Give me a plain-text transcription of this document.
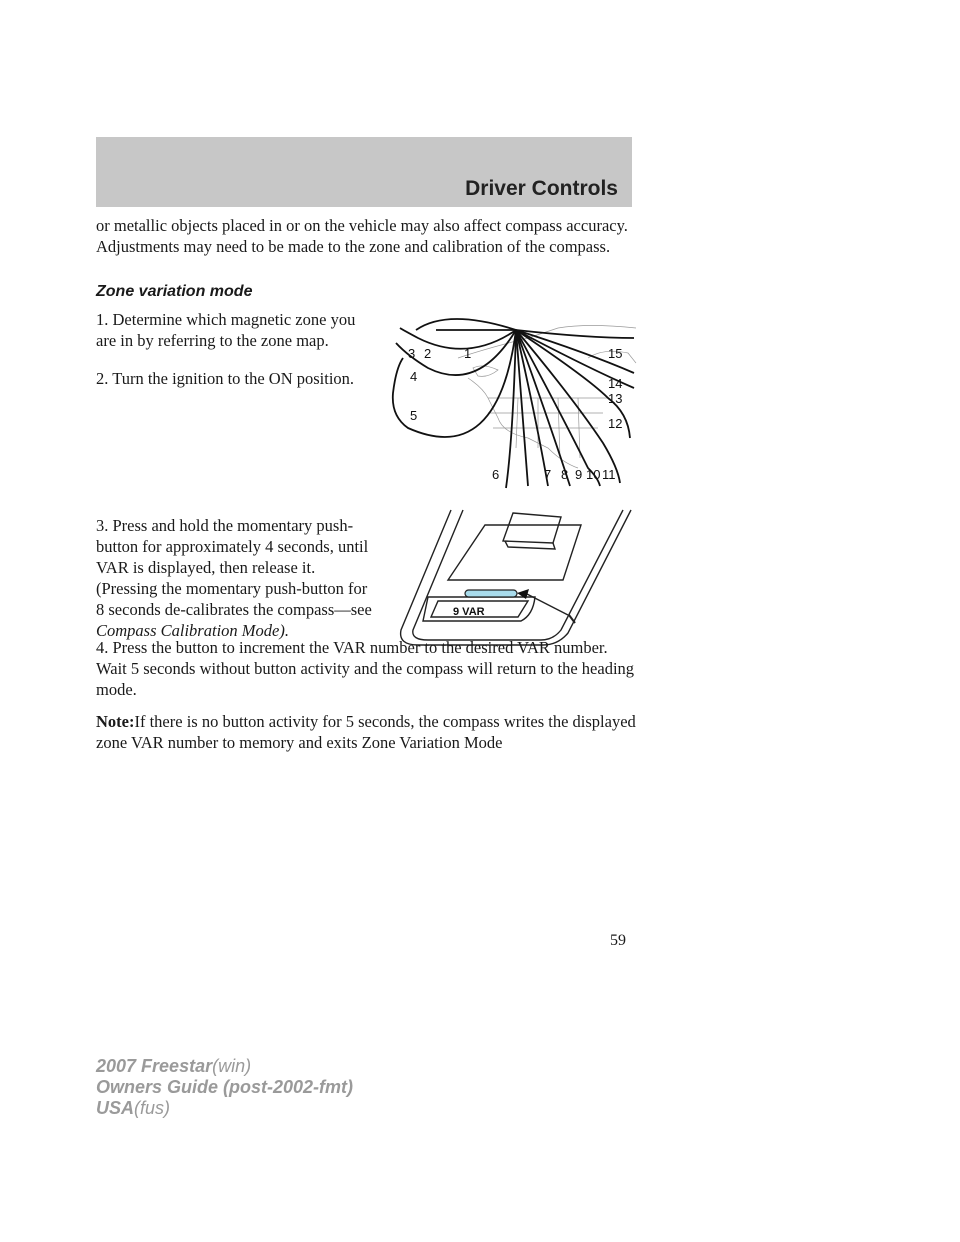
Driver Controls

or metallic objects placed in or on the vehicle may also affect compass accuracy. Adjustments may need to be made to the zone and calibration of the compass.

Zone variation mode

1. Determine which magnetic zone you are in by referring to the zone map.

2. Turn the ignition to the ON position.

1
2
3
4
5
6	7 8 9 10 11
12
13
14
15

3. Press and hold the momentary push-button for approximately 4 seconds, until VAR is displayed, then release it. (Pressing the momentary push-button for 8 seconds de-calibrates the compass—see Compass Calibration Mode).

9 VAR

4. Press the button to increment the VAR number to the desired VAR number. Wait 5 seconds without button activity and the compass will return to the heading mode.

Note:If there is no button activity for 5 seconds, the compass writes the displayed zone VAR number to memory and exits Zone Variation Mode

59
2007 Freestar(win)
Owners Guide (post-2002-fmt)
USA(fus)
